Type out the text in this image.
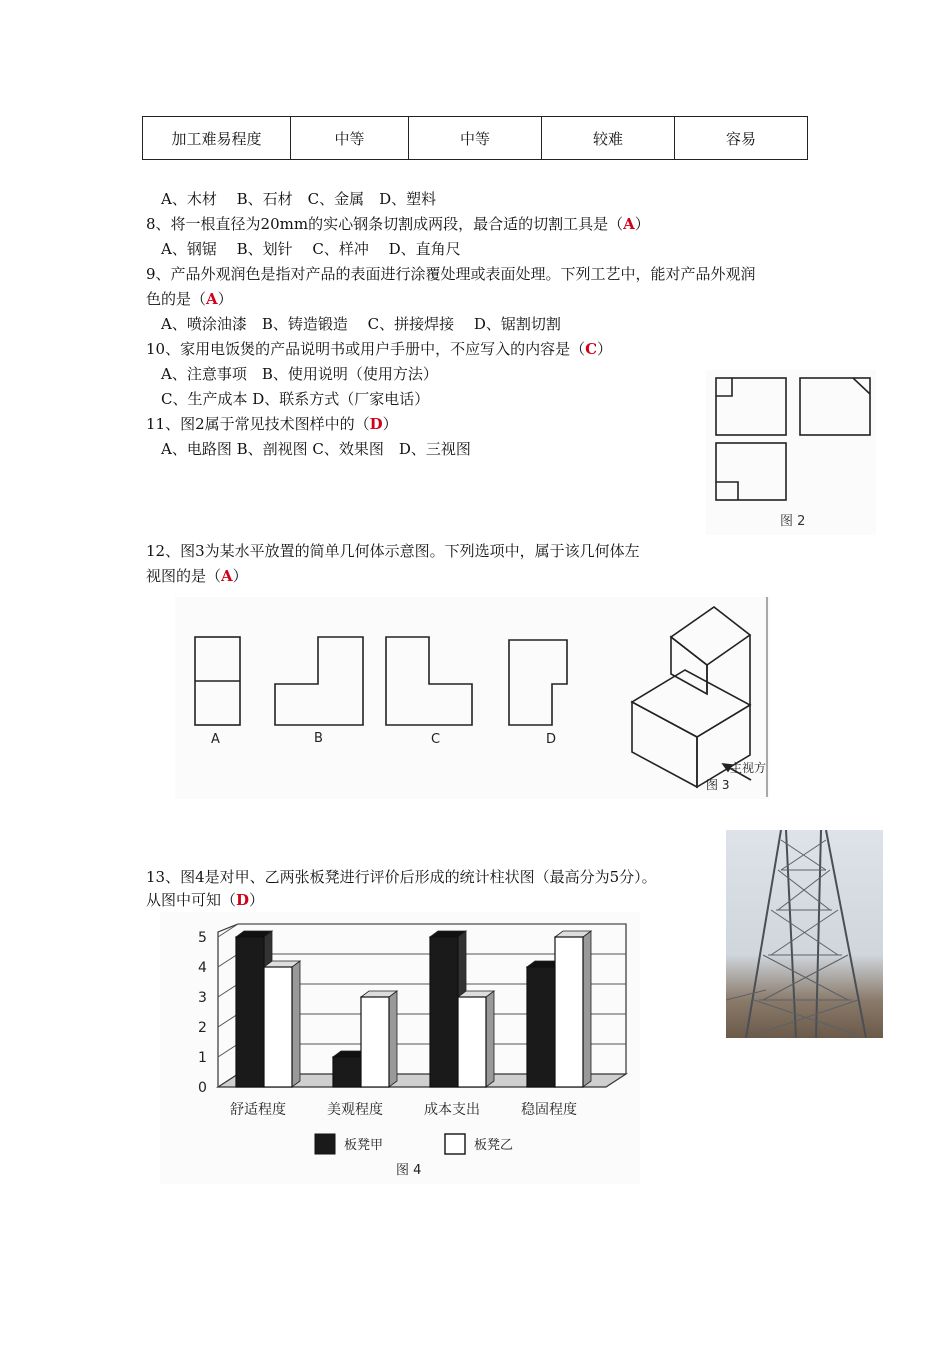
加工难易程度	中等	中等	较难	容易
A、木材　 B、石材　C、金属　D、塑料
8、将一根直径为20mm的实心钢条切割成两段，最合适的切割工具是（A）
A、钢锯　 B、划针　 C、样冲　 D、直角尺
9、产品外观润色是指对产品的表面进行涂覆处理或表面处理。下列工艺中，能对产品外观润
色的是（A）
A、喷涂油漆　B、铸造锻造　 C、拼接焊接　 D、锯割切割
10、家用电饭煲的产品说明书或用户手册中，不应写入的内容是（C）
A、注意事项　B、使用说明（使用方法）
C、生产成本 D、联系方式（厂家电话）
11、图2属于常见技术图样中的（D）
A、电路图 B、剖视图 C、效果图　D、三视图
图 2
12、图3为某水平放置的简单几何体示意图。下列选项中，属于该几何体左
视图的是（A）
A	B	C	D
主视方
图 3
13、图4是对甲、乙两张板凳进行评价后形成的统计柱状图（最高分为5分）。
从图中可知（D）
0
1
2
3
4
5
舒适程度	美观程度	成本支出	稳固程度
板凳甲	板凳乙
图 4
